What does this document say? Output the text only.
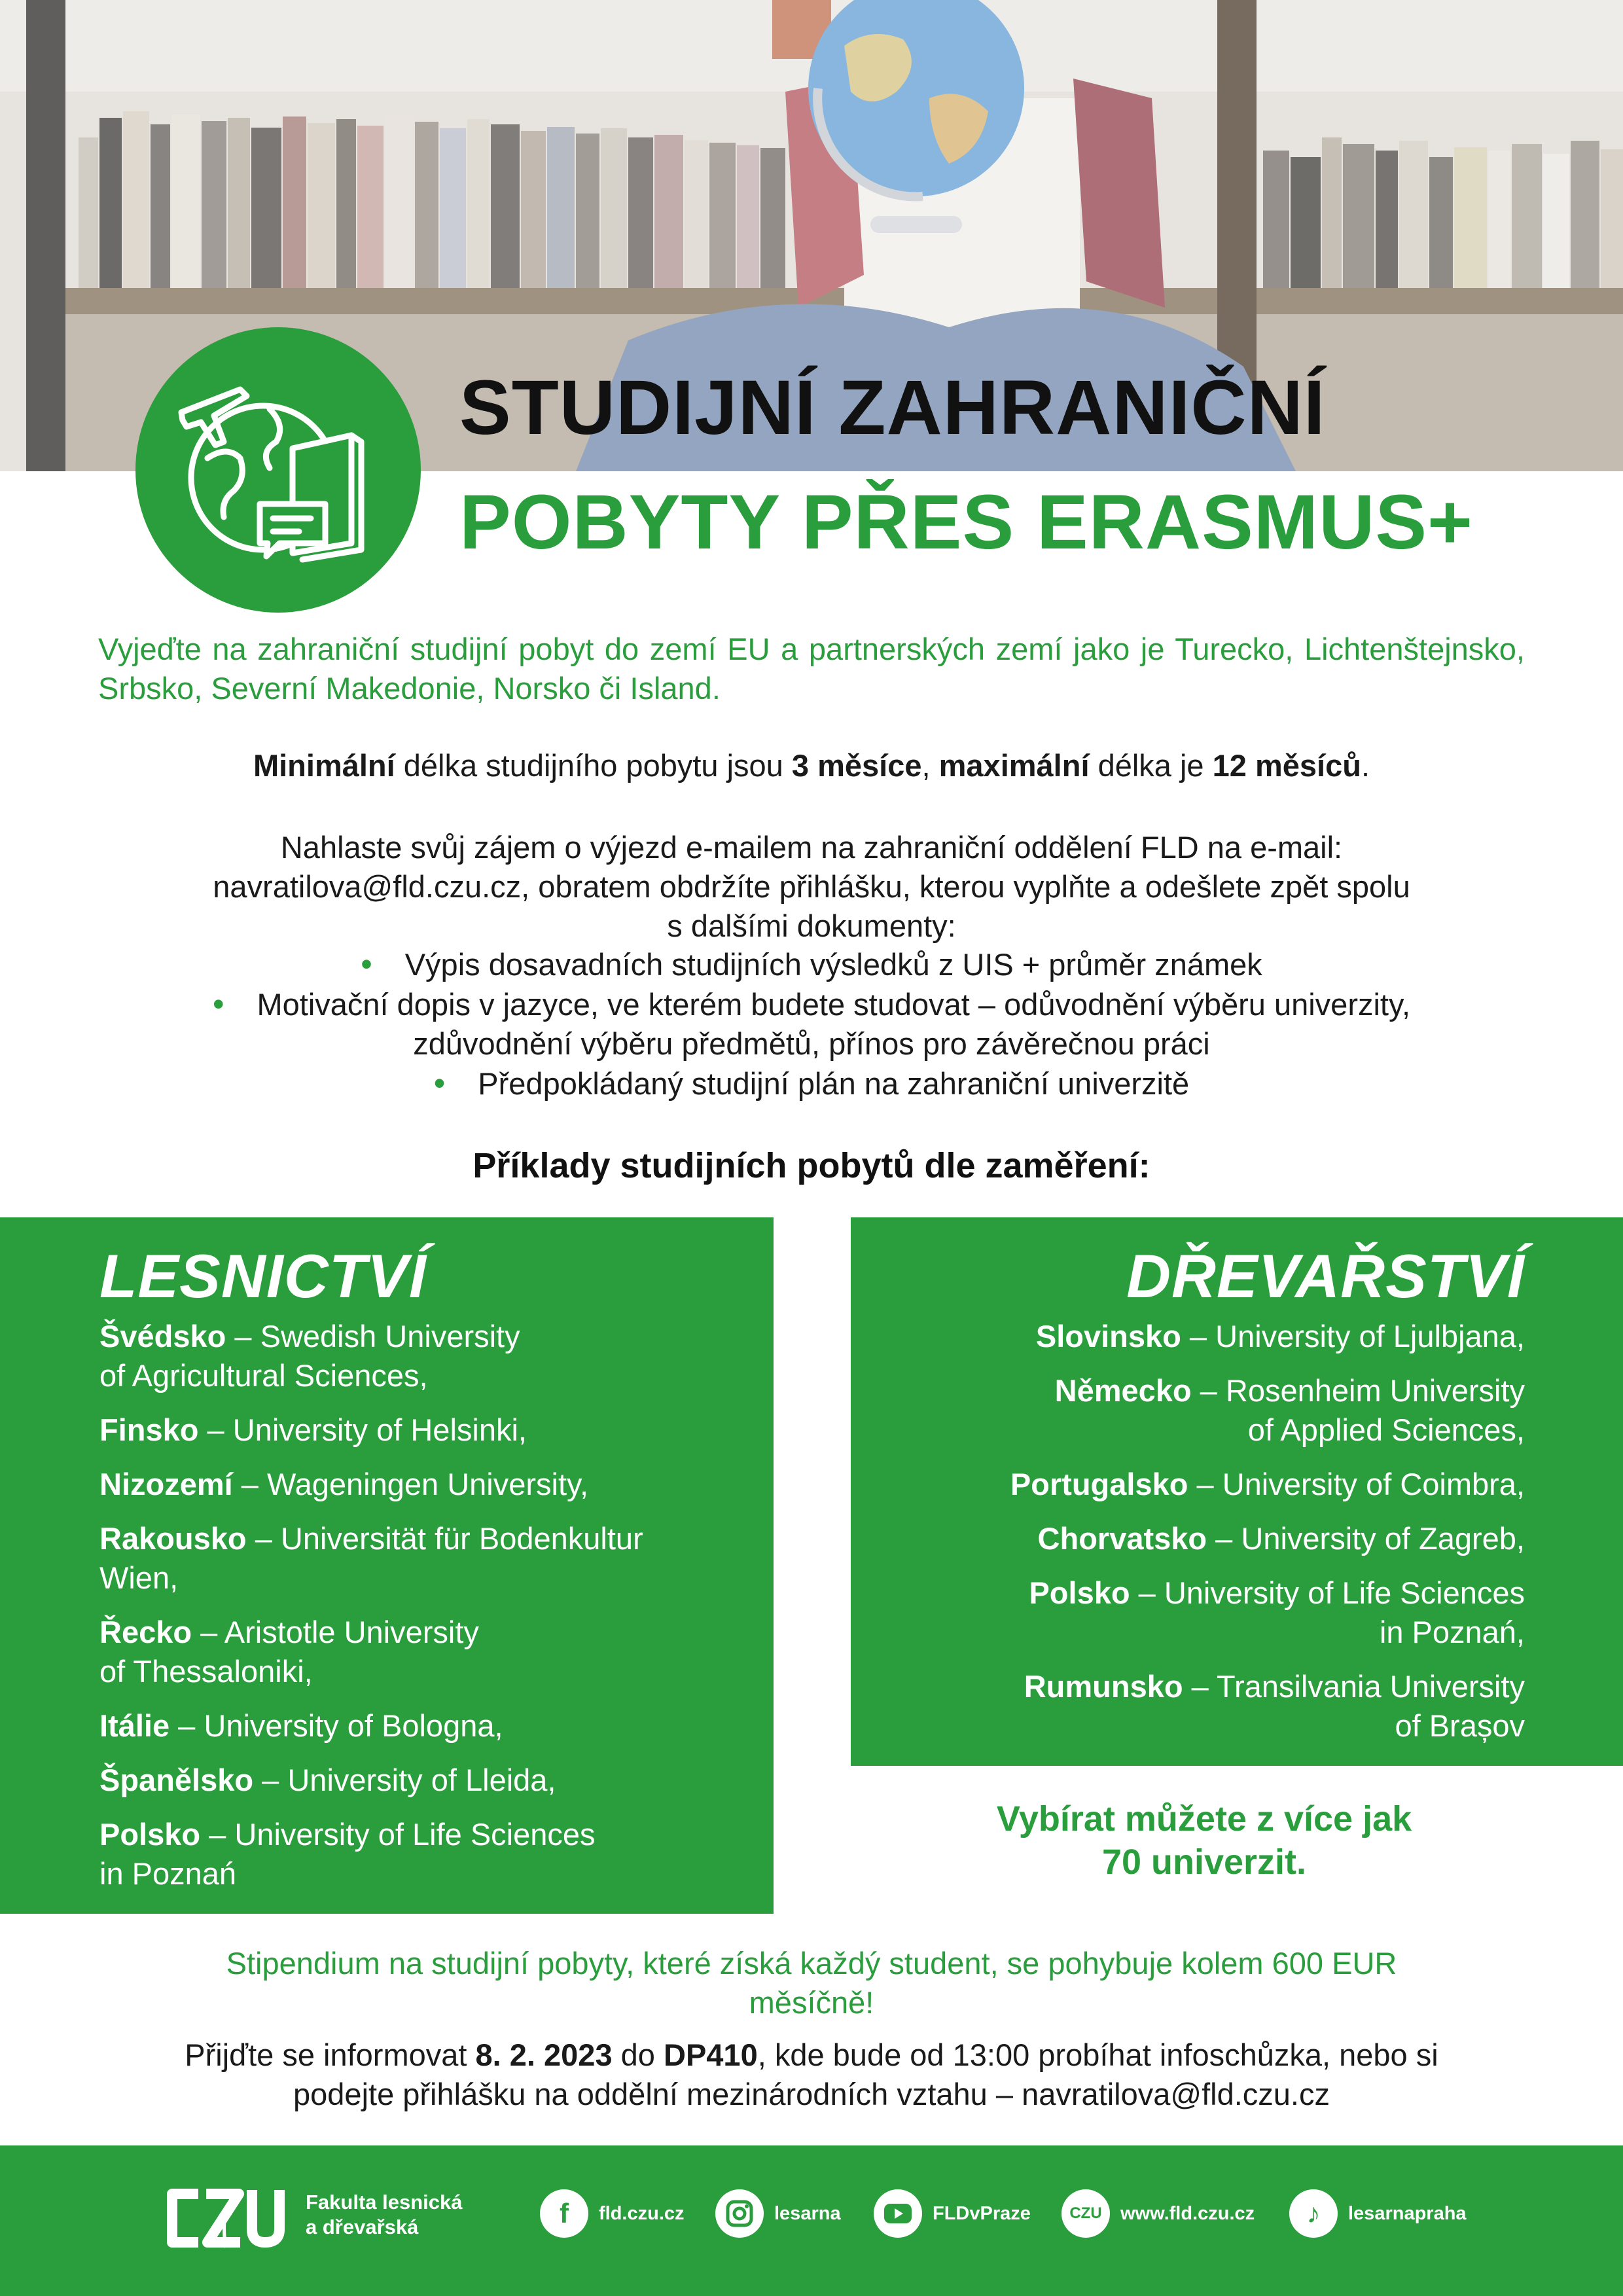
STUDIJNÍ ZAHRANIČNÍ
POBYTY PŘES ERASMUS+

Vyjeďte na zahraniční studijní pobyt do zemí EU a partnerských zemí jako je Turecko, Lichtenštejnsko, Srbsko, Severní Makedonie, Norsko či Island.

Minimální délka studijního pobytu jsou 3 měsíce, maximální délka je 12 měsíců.

Nahlaste svůj zájem o výjezd e-mailem na zahraniční oddělení FLD na e-mail:
navratilova@fld.czu.cz, obratem obdržíte přihlášku, kterou vyplňte a odešlete zpět spolu
s dalšími dokumenty:
• Výpis dosavadních studijních výsledků z UIS + průměr známek
• Motivační dopis v jazyce, ve kterém budete studovat – odůvodnění výběru univerzity,
zdůvodnění výběru předmětů, přínos pro závěrečnou práci
• Předpokládaný studijní plán na zahraniční univerzitě
Příklady studijních pobytů dle zaměření:
LESNICTVÍ
Švédsko – Swedish University
of Agricultural Sciences,
Finsko – University of Helsinki,
Nizozemí – Wageningen University,
Rakousko – Universität für Bodenkultur
Wien,
Řecko – Aristotle University
of Thessaloniki,
Itálie – University of Bologna,
Španělsko – University of Lleida,
Polsko – University of Life Sciences
in Poznań
DŘEVAŘSTVÍ
Slovinsko – University of Ljulbjana,
Německo – Rosenheim University
of Applied Sciences,
Portugalsko – University of Coimbra,
Chorvatsko – University of Zagreb,
Polsko – University of Life Sciences
in Poznań,
Rumunsko – Transilvania University
of Brașov

Vybírat můžete z více jak
70 univerzit.

Stipendium na studijní pobyty, které získá každý student, se pohybuje kolem 600 EUR
měsíčně!

Přijďte se informovat 8. 2. 2023 do DP410, kde bude od 13:00 probíhat infoschůzka, nebo si
podejte přihlášku na oddělní mezinárodních vztahu – navratilova@fld.czu.cz

Fakulta lesnická
a dřevařská	f	fld.czu.cz	lesarna	FLDvPraze	CZU www.fld.czu.cz	♪	lesarnapraha
